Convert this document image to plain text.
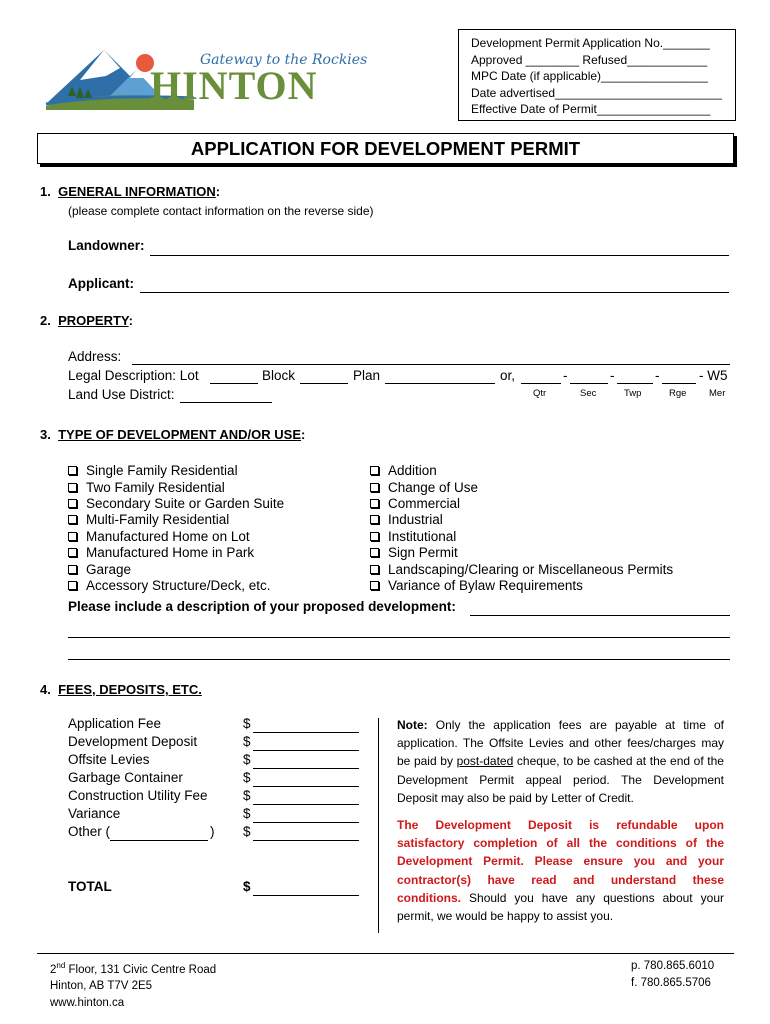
Gateway to the Rockies
HINTON
Development Permit Application No._______
Approved ________ Refused____________
MPC Date (if applicable)________________
Date advertised_________________________
Effective Date of Permit_________________
APPLICATION FOR DEVELOPMENT PERMIT
1. GENERAL INFORMATION:
(please complete contact information on the reverse side)
Landowner:
Applicant:
2. PROPERTY:
Address:
Legal Description: Lot	Block	Plan	or,	-	-	-	- W5
Qtr	Sec	Twp	Rge Mer
Land Use District:
3. TYPE OF DEVELOPMENT AND/OR USE:
Single Family Residential
Two Family Residential
Secondary Suite or Garden Suite
Multi-Family Residential
Manufactured Home on Lot
Manufactured Home in Park
Garage
Accessory Structure/Deck, etc.
Addition
Change of Use
Commercial
Industrial
Institutional
Sign Permit
Landscaping/Clearing or Miscellaneous Permits
Variance of Bylaw Requirements
Please include a description of your proposed development:
4. FEES, DEPOSITS, ETC.
Application Fee	$
Development Deposit	$
Offsite Levies	$
Garbage Container	$
Construction Utility Fee	$
Variance	$
Other (	) $
TOTAL	$

Note: Only the application fees are payable at time of application. The Offsite Levies and other fees/charges may be paid by post-dated cheque, to be cashed at the end of the Development Permit appeal period. The Development Deposit may also be paid by Letter of Credit.

The Development Deposit is refundable upon satisfactory completion of all the conditions of the Development Permit. Please ensure you and your contractor(s) have read and understand these conditions. Should you have any questions about your permit, we would be happy to assist you.

2nd Floor, 131 Civic Centre Road
Hinton, AB T7V 2E5
www.hinton.ca
p. 780.865.6010
f. 780.865.5706
